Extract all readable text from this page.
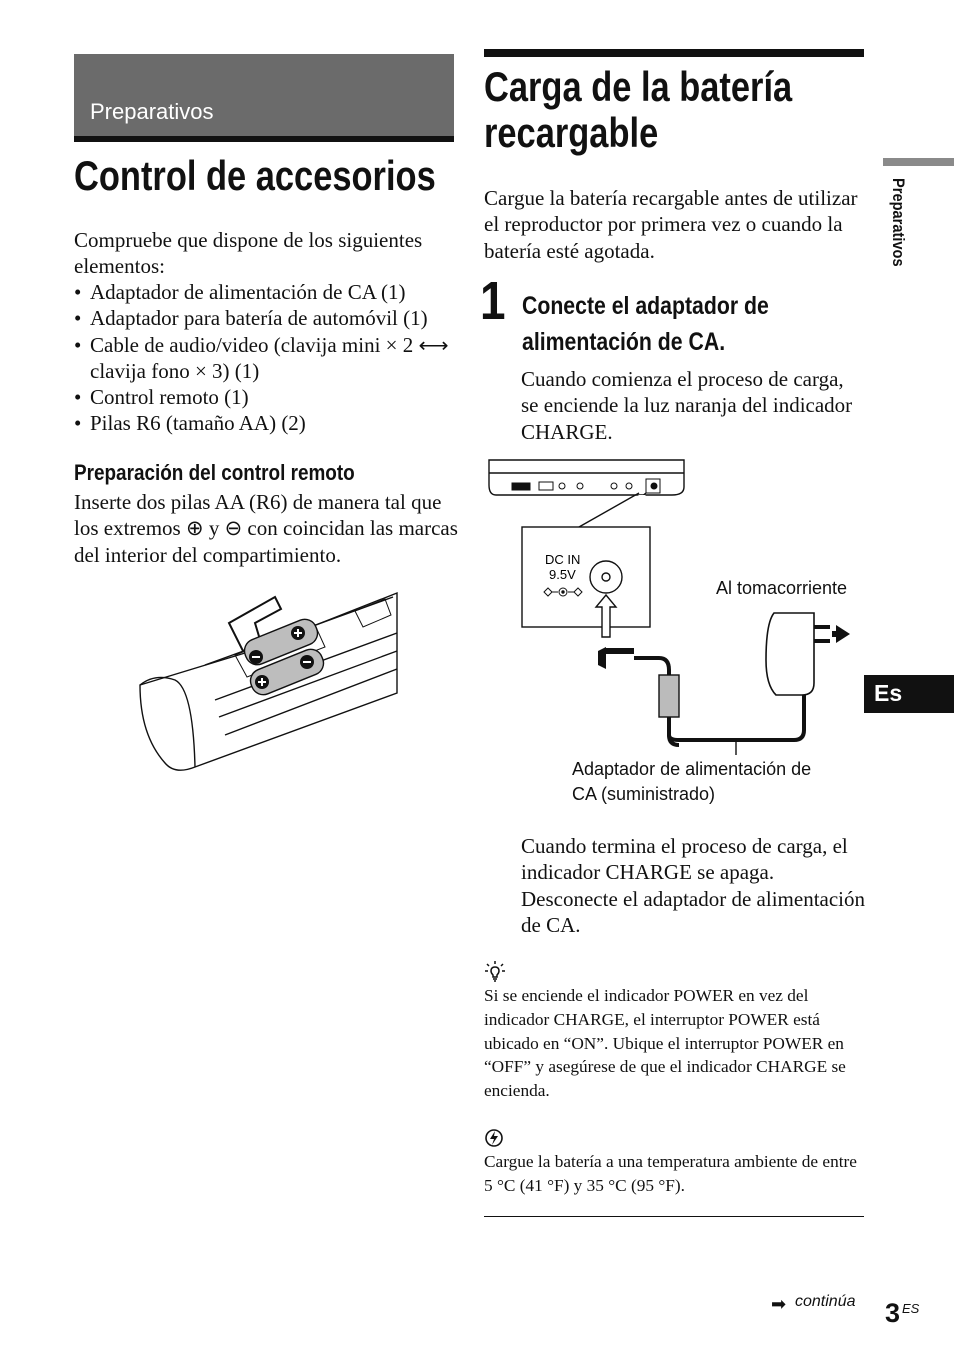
Preparativos
Control de accesorios
Compruebe que dispone de los siguientes elementos:
• Adaptador de alimentación de CA (1)
• Adaptador para batería de automóvil (1)
• Cable de audio/video (clavija mini × 2 ⟷ clavija fono × 3) (1)
• Control remoto (1)
• Pilas R6 (tamaño AA) (2)
Preparación del control remoto
Inserte dos pilas AA (R6) de manera tal que los extremos ⊕ y ⊖ con coincidan las marcas del interior del compartimiento.
Carga de la batería recargable
Cargue la batería recargable antes de utilizar el reproductor por primera vez o cuando la batería esté agotada.
1 Conecte el adaptador de alimentación de CA.
Cuando comienza el proceso de carga, se enciende la luz naranja del indicador CHARGE.
DC IN
9.5V
Al tomacorriente
Adaptador de alimentación de
CA (suministrado)
Cuando termina el proceso de carga, el indicador CHARGE se apaga. Desconecte el adaptador de alimentación de CA.
Si se enciende el indicador POWER en vez del indicador CHARGE, el interruptor POWER está ubicado en “ON”. Ubique el interruptor POWER en “OFF” y asegúrese de que el indicador CHARGE se encienda.
Cargue la batería a una temperatura ambiente de entre 5 °C (41 °F) y 35 °C (95 °F).
Preparativos
Es
➡ continúa 3 ES
